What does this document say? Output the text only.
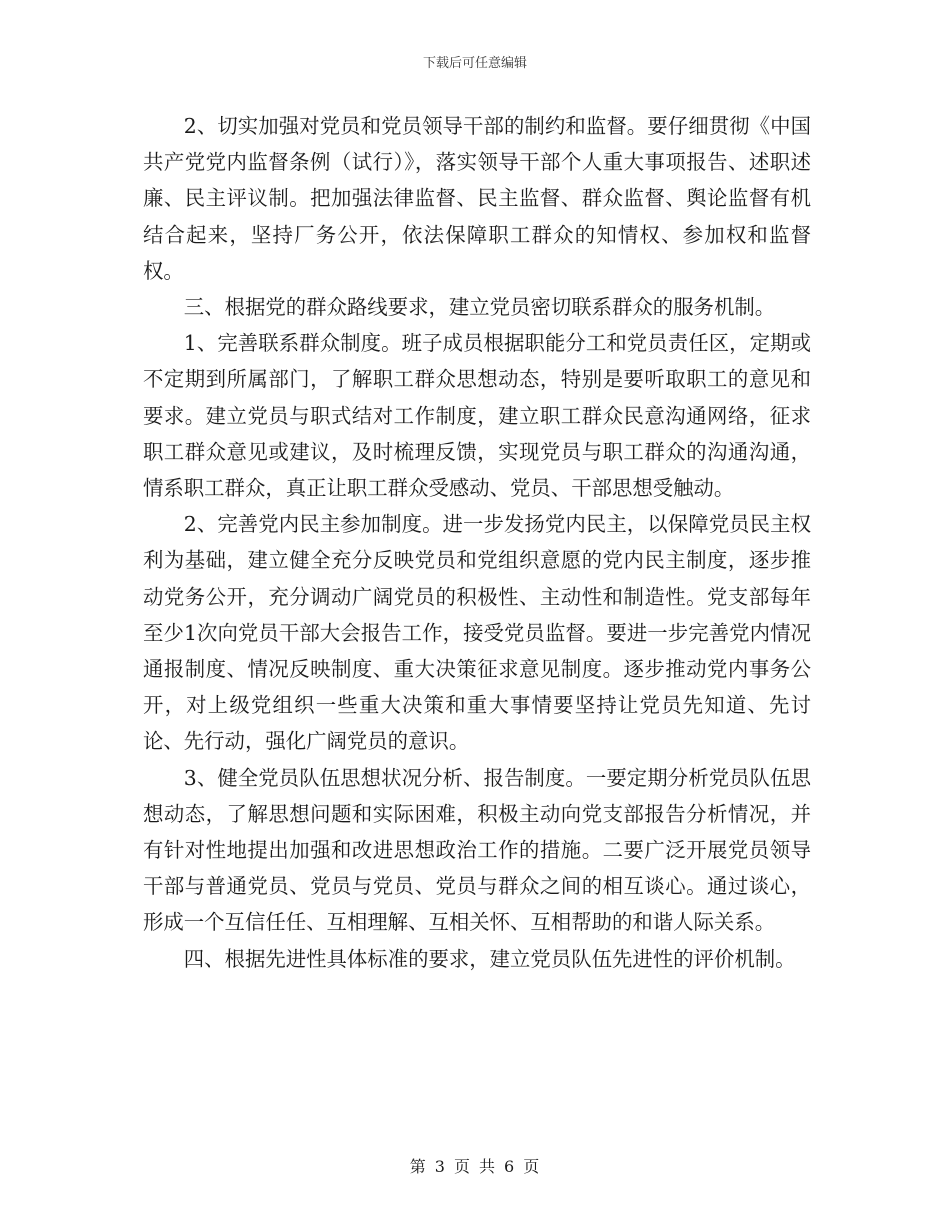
下载后可任意编辑

2、切实加强对党员和党员领导干部的制约和监督。要仔细贯彻《中国共产党党内监督条例（试行）》，落实领导干部个人重大事项报告、述职述廉、民主评议制。把加强法律监督、民主监督、群众监督、舆论监督有机结合起来，坚持厂务公开，依法保障职工群众的知情权、参加权和监督权。

三、根据党的群众路线要求，建立党员密切联系群众的服务机制。

1、完善联系群众制度。班子成员根据职能分工和党员责任区，定期或不定期到所属部门，了解职工群众思想动态，特别是要听取职工的意见和要求。建立党员与职式结对工作制度，建立职工群众民意沟通网络，征求职工群众意见或建议，及时梳理反馈，实现党员与职工群众的沟通沟通，情系职工群众，真正让职工群众受感动、党员、干部思想受触动。

2、完善党内民主参加制度。进一步发扬党内民主，以保障党员民主权利为基础，建立健全充分反映党员和党组织意愿的党内民主制度，逐步推动党务公开，充分调动广阔党员的积极性、主动性和制造性。党支部每年至少1次向党员干部大会报告工作，接受党员监督。要进一步完善党内情况通报制度、情况反映制度、重大决策征求意见制度。逐步推动党内事务公开，对上级党组织一些重大决策和重大事情要坚持让党员先知道、先讨论、先行动，强化广阔党员的意识。

3、健全党员队伍思想状况分析、报告制度。一要定期分析党员队伍思想动态，了解思想问题和实际困难，积极主动向党支部报告分析情况，并有针对性地提出加强和改进思想政治工作的措施。二要广泛开展党员领导干部与普通党员、党员与党员、党员与群众之间的相互谈心。通过谈心，形成一个互信任任、互相理解、互相关怀、互相帮助的和谐人际关系。

四、根据先进性具体标准的要求，建立党员队伍先进性的评价机制。

第 3 页 共 6 页
